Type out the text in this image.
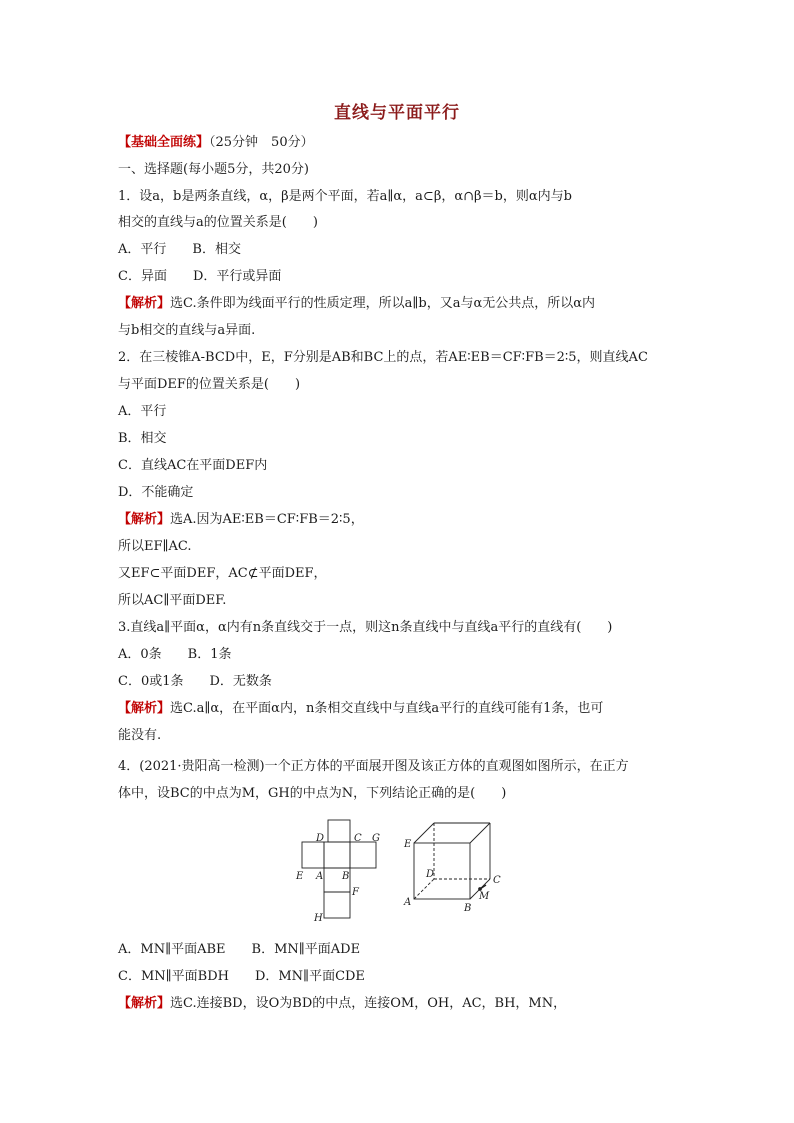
直线与平面平行
【基础全面练】（25分钟　50分）
一、选择题(每小题5分，共20分)
1．设a，b是两条直线，α，β是两个平面，若a∥α，a⊂β，α∩β＝b，则α内与b
相交的直线与a的位置关系是(　　)
A．平行　　B．相交
C．异面　　D．平行或异面
【解析】选C.条件即为线面平行的性质定理，所以a∥b，又a与α无公共点，所以α内
与b相交的直线与a异面.
2．在三棱锥A-BCD中，E，F分别是AB和BC上的点，若AE∶EB＝CF∶FB＝2∶5，则直线AC
与平面DEF的位置关系是(　　)
A．平行
B．相交
C．直线AC在平面DEF内
D．不能确定
【解析】选A.因为AE∶EB＝CF∶FB＝2∶5，
所以EF∥AC.
又EF⊂平面DEF，AC⊄平面DEF，
所以AC∥平面DEF.
3.直线a∥平面α，α内有n条直线交于一点，则这n条直线中与直线a平行的直线有(　　)
A．0条　　B．1条
C．0或1条　　D．无数条
【解析】选C.a∥α，在平面α内，n条相交直线中与直线a平行的直线可能有1条，也可
能没有.
4．(2021·贵阳高一检测)一个正方体的平面展开图及该正方体的直观图如图所示，在正方
体中，设BC的中点为M，GH的中点为N，下列结论正确的是(　　)
D	C G
E A B
F
H
E
D
C
M
A
B
A．MN∥平面ABE　　B．MN∥平面ADE
C．MN∥平面BDH　　D．MN∥平面CDE
【解析】选C.连接BD，设O为BD的中点，连接OM，OH，AC，BH，MN，
